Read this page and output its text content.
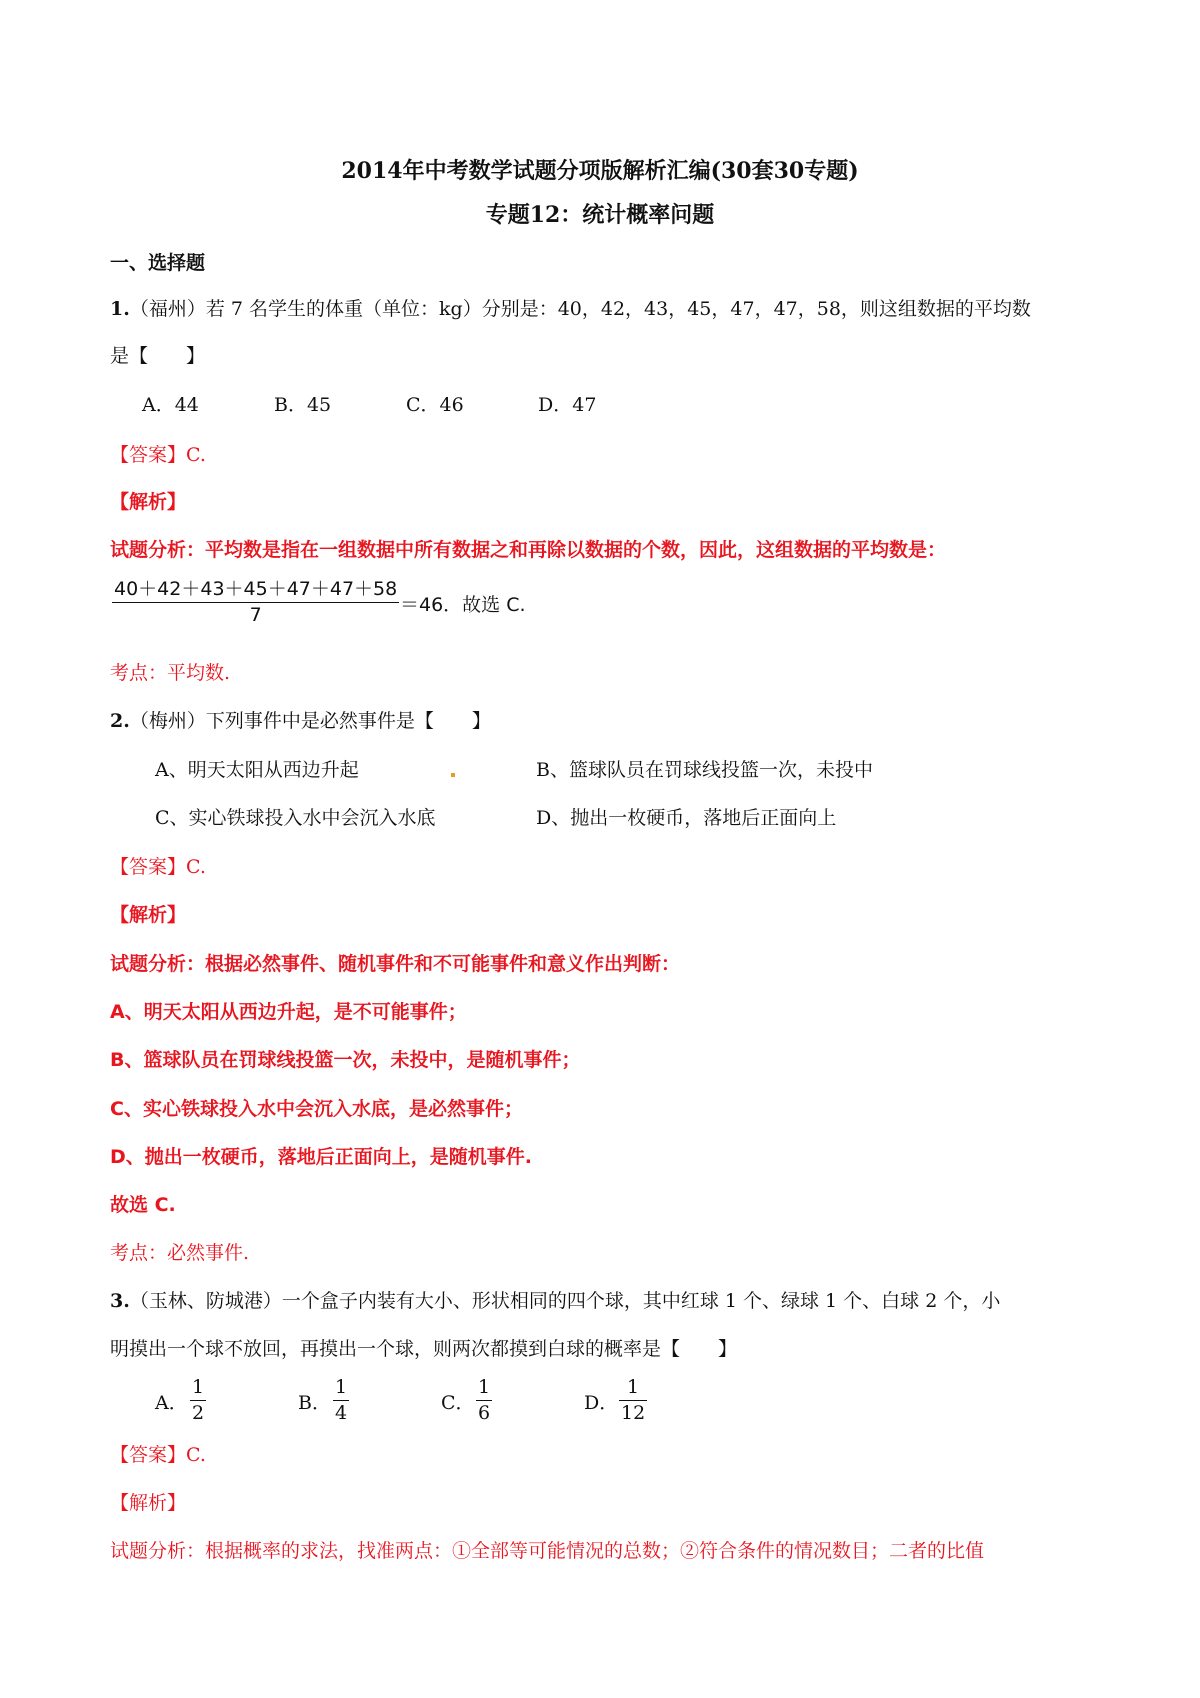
2014年中考数学试题分项版解析汇编(30套30专题)
专题12：统计概率问题
一、选择题
1.（福州）若 7 名学生的体重（单位：kg）分别是：40，42，43，45，47，47，58，则这组数据的平均数
是【　　】
A．44	B．45	C．46	D．47
【答案】C.
【解析】
试题分析：平均数是指在一组数据中所有数据之和再除以数据的个数，因此，这组数据的平均数是：
$\frac{40+42+43+45+47+47+58}{7} =46$．故选 C.
考点：平均数.
2.（梅州）下列事件中是必然事件是【　　】
A、明天太阳从西边升起	B、篮球队员在罚球线投篮一次，未投中
C、实心铁球投入水中会沉入水底	D、抛出一枚硬币，落地后正面向上
【答案】C.
【解析】
试题分析：根据必然事件、随机事件和不可能事件和意义作出判断：
A、明天太阳从西边升起，是不可能事件；
B、篮球队员在罚球线投篮一次，未投中，是随机事件；
C、实心铁球投入水中会沉入水底，是必然事件；
D、抛出一枚硬币，落地后正面向上，是随机事件.
故选 C.
考点：必然事件.
3.（玉林、防城港）一个盒子内装有大小、形状相同的四个球，其中红球 1 个、绿球 1 个、白球 2 个，小
明摸出一个球不放回，再摸出一个球，则两次都摸到白球的概率是【　　】
A． $\frac{1}{2}$	B． $\frac{1}{4}$	C． $\frac{1}{6}$	D． $\frac{1}{12}$
【答案】C.
【解析】
试题分析：根据概率的求法，找准两点：①全部等可能情况的总数；②符合条件的情况数目；二者的比值
